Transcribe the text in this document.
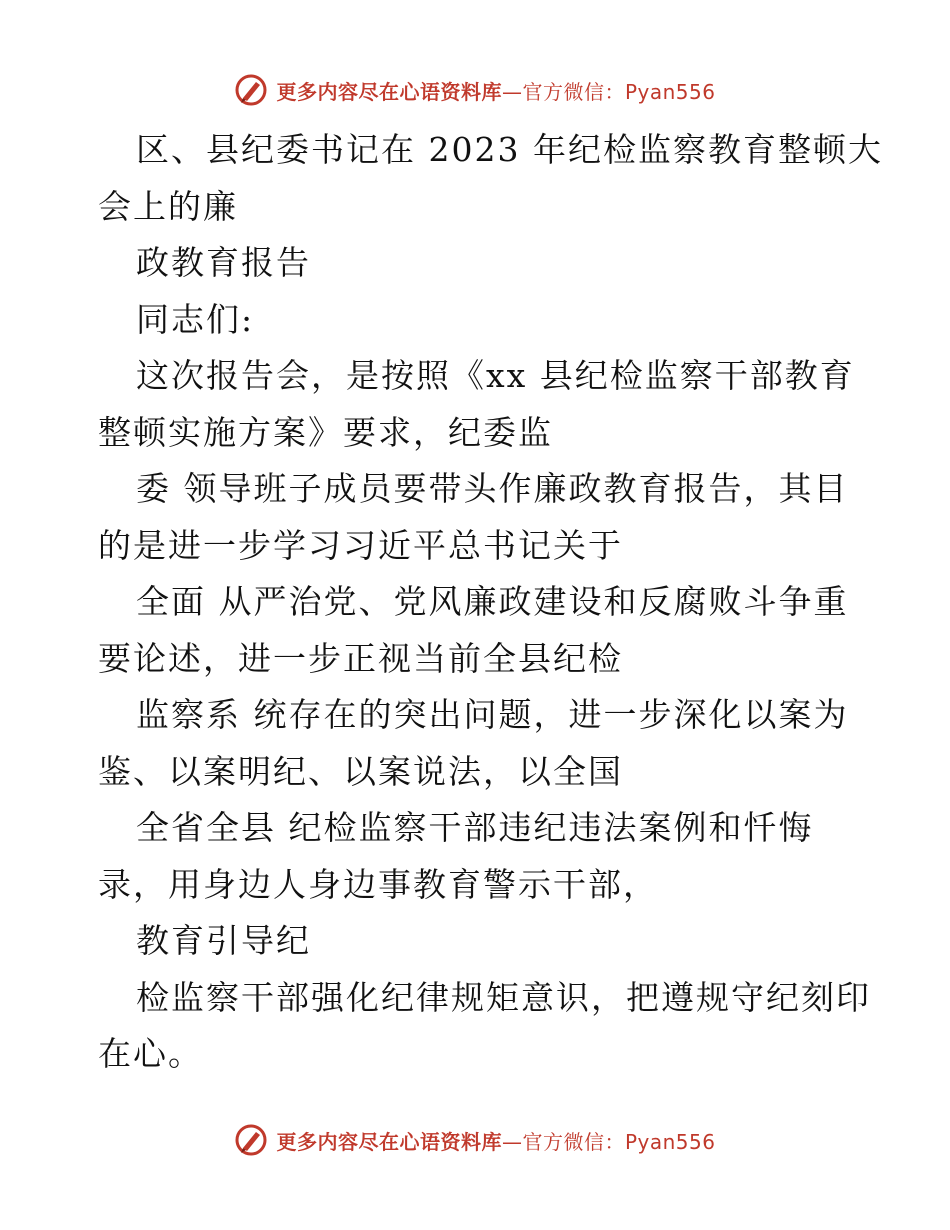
更多内容尽在心语资料库—官方微信：Pyan556
区、县纪委书记在 2023 年纪检监察教育整顿大
会上的廉
政教育报告
同志们:
这次报告会，是按照《xx 县纪检监察干部教育
整顿实施方案》要求，纪委监
委 领导班子成员要带头作廉政教育报告，其目
的是进一步学习习近平总书记关于
全面 从严治党、党风廉政建设和反腐败斗争重
要论述，进一步正视当前全县纪检
监察系 统存在的突出问题，进一步深化以案为
鉴、以案明纪、以案说法，以全国
全省全县 纪检监察干部违纪违法案例和忏悔
录，用身边人身边事教育警示干部，
教育引导纪
检监察干部强化纪律规矩意识，把遵规守纪刻印
在心。
更多内容尽在心语资料库—官方微信：Pyan556
